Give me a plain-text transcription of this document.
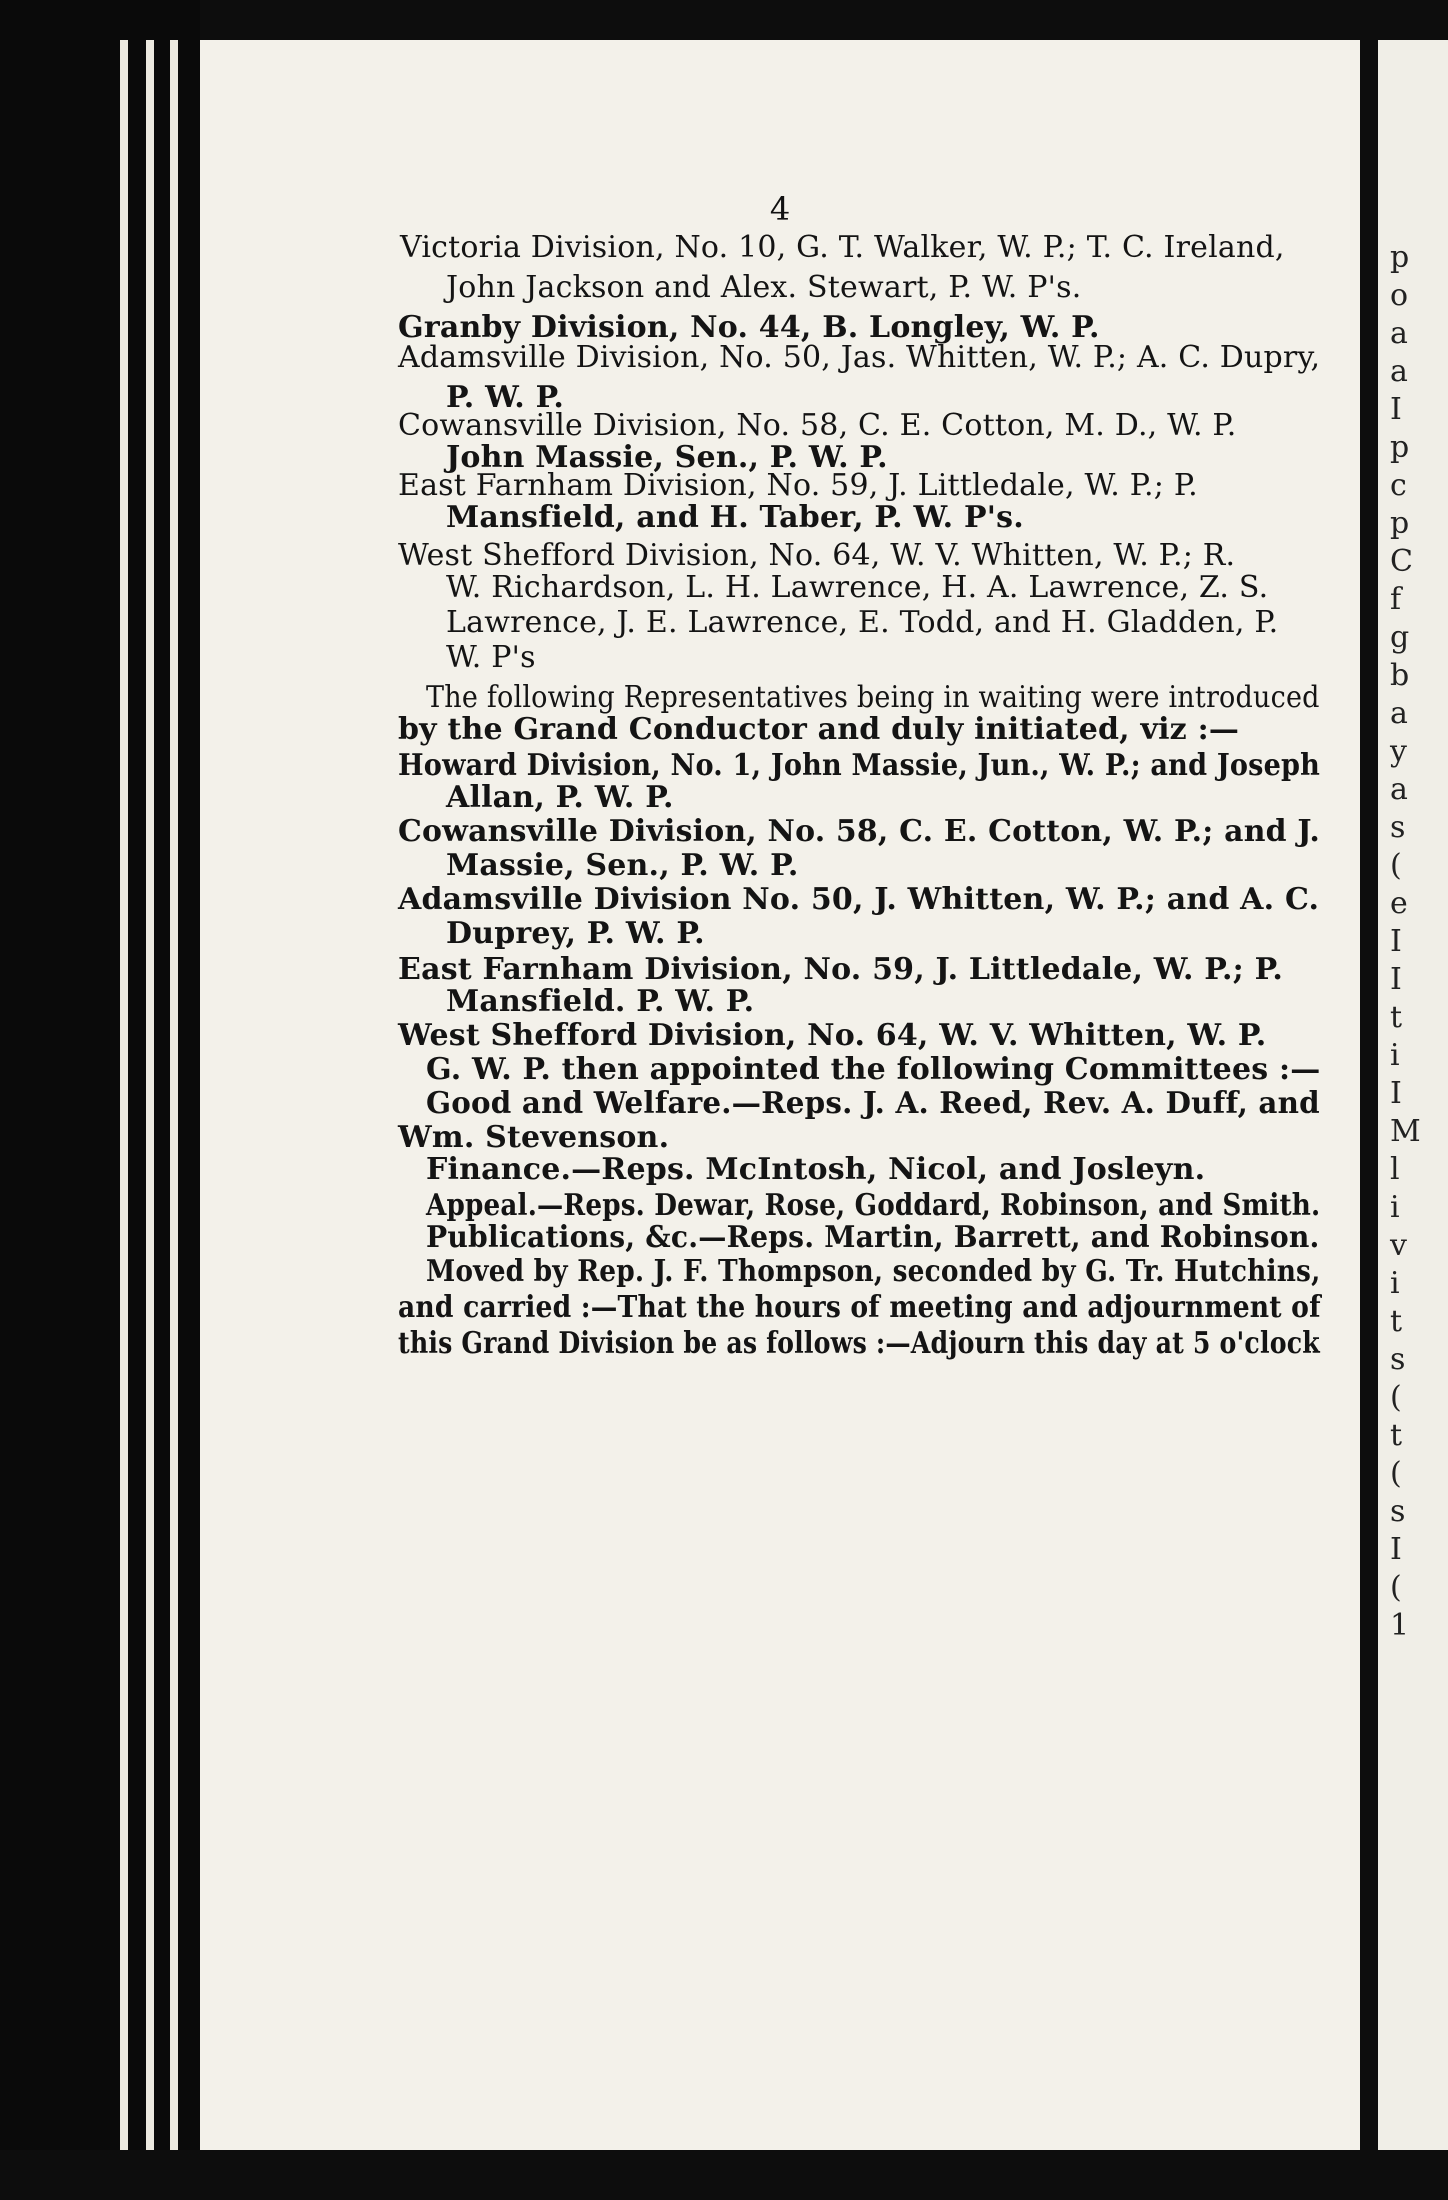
4
Victoria Division, No. 10, G. T. Walker, W. P.; T. C. Ireland,
John Jackson and Alex. Stewart, P. W. P's.
Granby Division, No. 44, B. Longley, W. P.
Adamsville Division, No. 50, Jas. Whitten, W. P.; A. C. Dupry,
P. W. P.
Cowansville Division, No. 58, C. E. Cotton, M. D., W. P.
John Massie, Sen., P. W. P.
East Farnham Division, No. 59, J. Littledale, W. P.; P.
Mansfield, and H. Taber, P. W. P's.
West Shefford Division, No. 64, W. V. Whitten, W. P.; R.
W. Richardson, L. H. Lawrence, H. A. Lawrence, Z. S.
Lawrence, J. E. Lawrence, E. Todd, and H. Gladden, P.
W. P's
The following Representatives being in waiting were introduced
by the Grand Conductor and duly initiated, viz :—
Howard Division, No. 1, John Massie, Jun., W. P.; and Joseph
Allan, P. W. P.
Cowansville Division, No. 58, C. E. Cotton, W. P.; and J.
Massie, Sen., P. W. P.
Adamsville Division No. 50, J. Whitten, W. P.; and A. C.
Duprey, P. W. P.
East Farnham Division, No. 59, J. Littledale, W. P.; P.
Mansfield. P. W. P.
West Shefford Division, No. 64, W. V. Whitten, W. P.
G. W. P. then appointed the following Committees :—
Good and Welfare.—Reps. J. A. Reed, Rev. A. Duff, and
Wm. Stevenson.
Finance.—Reps. McIntosh, Nicol, and Josleyn.
Appeal.—Reps. Dewar, Rose, Goddard, Robinson, and Smith.
Publications, &c.—Reps. Martin, Barrett, and Robinson.
Moved by Rep. J. F. Thompson, seconded by G. Tr. Hutchins,
and carried :—That the hours of meeting and adjournment of
this Grand Division be as follows :—Adjourn this day at 5 o'clock
p
o
a
a
I
p
c
p
C
f
g
b
a
y
a
s
(
e
I
I
t
i
I
M
l
i
v
i
t
s
(
t
(
s
I
(
1
